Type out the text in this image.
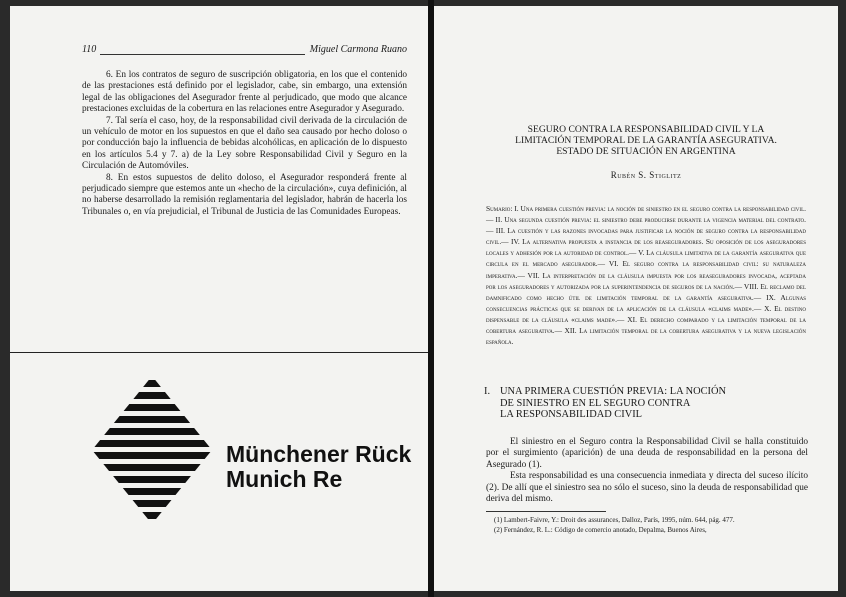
110	Miguel Carmona Ruano

6. En los contratos de seguro de suscripción obligatoria, en los que el contenido de las prestaciones está definido por el legislador, cabe, sin embargo, una extensión legal de las obligaciones del Asegurador frente al perjudicado, que modo que alcance prestaciones excluidas de la cobertura en las relaciones entre Asegurador y Asegurado.

7. Tal sería el caso, hoy, de la responsabilidad civil derivada de la circulación de un vehículo de motor en los supuestos en que el daño sea causado por hecho doloso o por conducción bajo la influencia de bebidas alcohólicas, en aplicación de lo dispuesto en los artículos 5.4 y 7. a) de la Ley sobre Responsabilidad Civil y Seguro en la Circulación de Automóviles.

8. En estos supuestos de delito doloso, el Asegurador responderá frente al perjudicado siempre que estemos ante un «hecho de la circulación», cuya definición, al no haberse desarrollado la remisión reglamentaria del legislador, habrán de hacerla los Tribunales o, en vía prejudicial, el Tribunal de Justicia de las Comunidades Europeas.

Münchener Rück
Munich Re
SEGURO CONTRA LA RESPONSABILIDAD CIVIL Y LA
LIMITACIÓN TEMPORAL DE LA GARANTÍA ASEGURATIVA.
ESTADO DE SITUACIÓN EN ARGENTINA
Rubén S. Stiglitz
Sumario: I. Una primera cuestión previa: la noción de siniestro en el seguro contra la responsabilidad civil.— II. Una segunda cuestión previa: el siniestro debe producirse durante la vigencia material del contrato.— III. La cuestión y las razones invocadas para justificar la noción de seguro contra la responsabilidad civil.— IV. La alternativa propuesta a instancia de los reaseguradores. Su oposición de los aseguradores locales y adhesión por la autoridad de control.— V. La cláusula limitativa de la garantía asegurativa que circula en el mercado asegurador.— VI. El seguro contra la responsabilidad civil: su naturaleza imperativa.— VII. La interpretación de la cláusula impuesta por los reaseguradores invocada, aceptada por los aseguradores y autorizada por la superintendencia de seguros de la nación.— VIII. El reclamo del damnificado como hecho útil de limitación temporal de la garantía asegurativa.— IX. Algunas consecuencias prácticas que se derivan de la aplicación de la cláusula «claims made».— X. El destino dispensable de la cláusula «claims made».— XI. El derecho comparado y la limitación temporal de la cobertura asegurativa.— XII. La limitación temporal de la cobertura asegurativa y la nueva legislación española.
I. UNA PRIMERA CUESTIÓN PREVIA: LA NOCIÓN
DE SINIESTRO EN EL SEGURO CONTRA
LA RESPONSABILIDAD CIVIL

El siniestro en el Seguro contra la Responsabilidad Civil se halla constituido por el surgimiento (aparición) de una deuda de responsabilidad en la persona del Asegurado (1).

Esta responsabilidad es una consecuencia inmediata y directa del suceso ilícito (2). De allí que el siniestro sea no sólo el suceso, sino la deuda de responsabilidad que deriva del mismo.

(1) Lambert-Faivre, Y.: Droit des assurances, Dalloz, París, 1995, núm. 644, pág. 477.
(2) Fernández, R. L.: Código de comercio anotado, Depalma, Buenos Aires,
